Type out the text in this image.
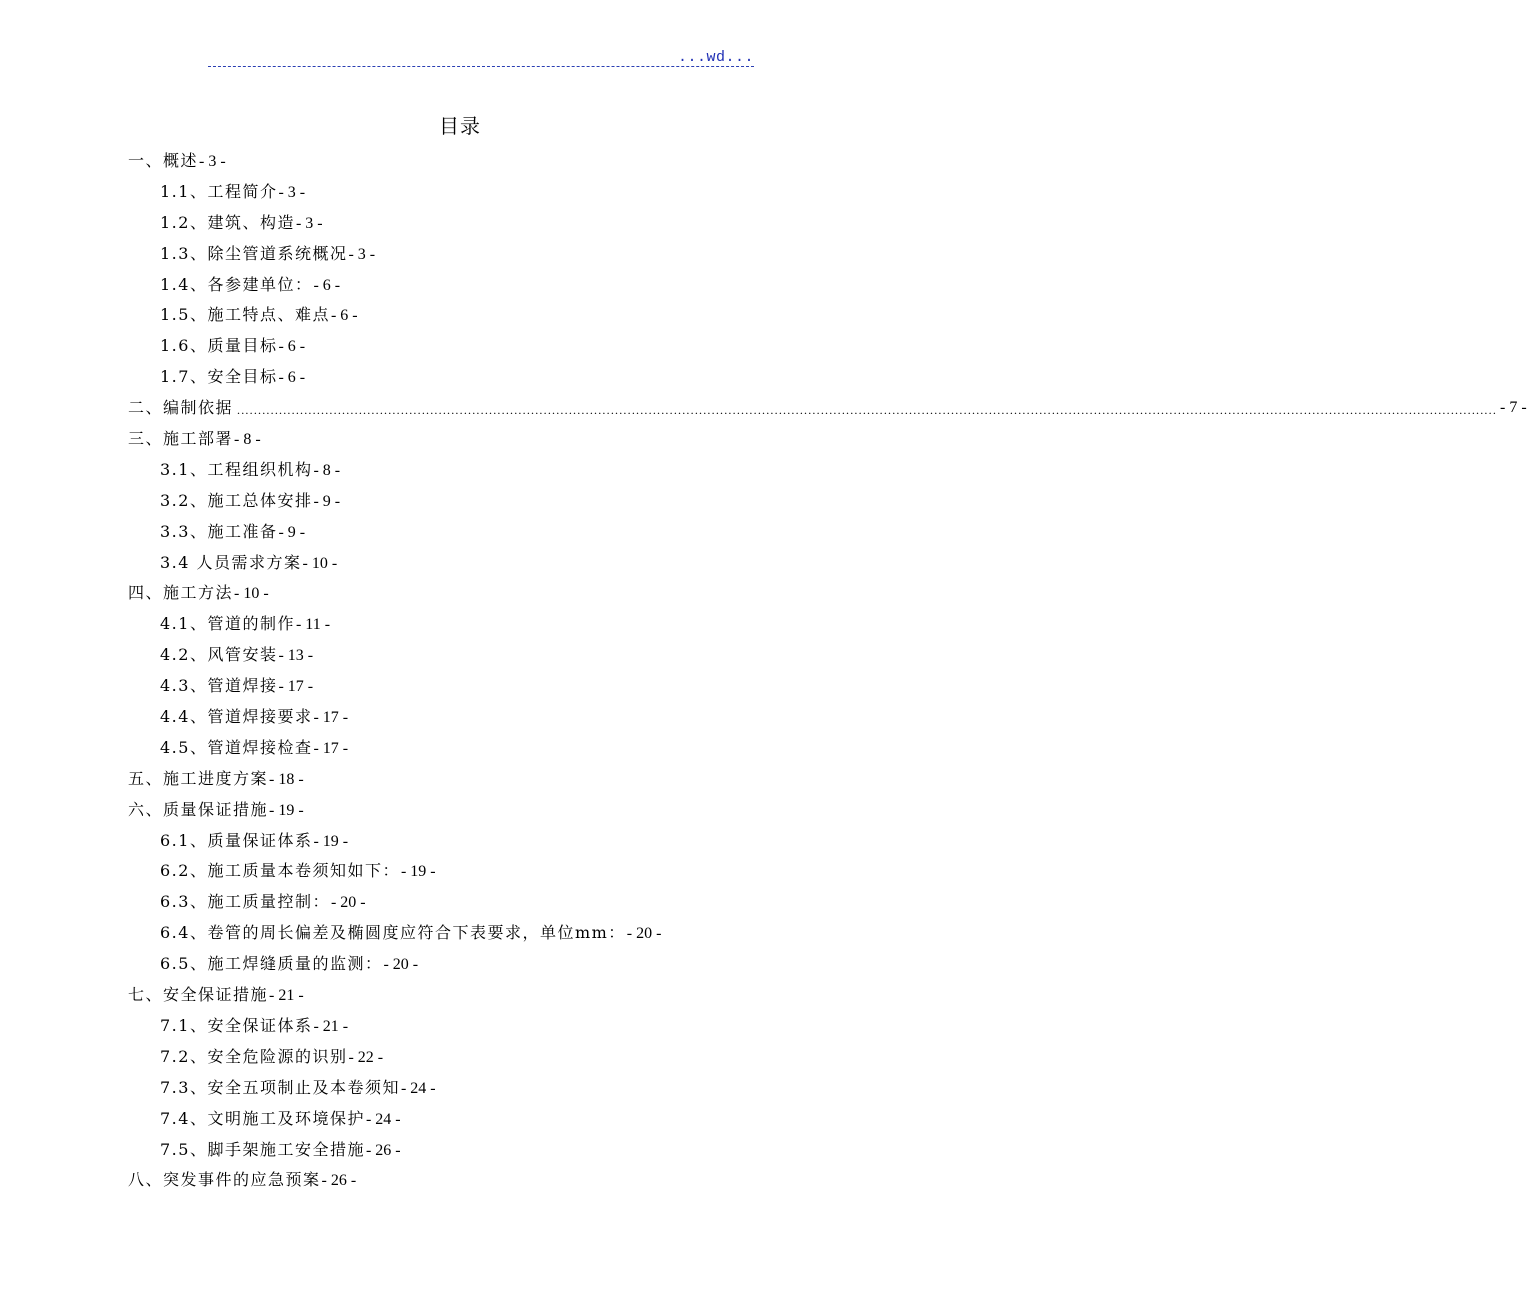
...wd...
目录
一、概述- 3 -
1.1、工程简介- 3 -
1.2、建筑、构造- 3 -
1.3、除尘管道系统概况- 3 -
1.4、各参建单位：- 6 -
1.5、施工特点、难点- 6 -
1.6、质量目标- 6 -
1.7、安全目标- 6 -
二、编制依据 ............................................................................................................................................................................................................................................................................................................ - 7 -
三、施工部署- 8 -
3.1、工程组织机构- 8 -
3.2、施工总体安排- 9 -
3.3、施工准备- 9 -
3.4 人员需求方案- 10 -
四、施工方法- 10 -
4.1、管道的制作- 11 -
4.2、风管安装- 13 -
4.3、管道焊接- 17 -
4.4、管道焊接要求- 17 -
4.5、管道焊接检查- 17 -
五、施工进度方案- 18 -
六、质量保证措施- 19 -
6.1、质量保证体系- 19 -
6.2、施工质量本卷须知如下：- 19 -
6.3、施工质量控制：- 20 -
6.4、卷管的周长偏差及椭圆度应符合下表要求，单位mm：- 20 -
6.5、施工焊缝质量的监测：- 20 -
七、安全保证措施- 21 -
7.1、安全保证体系- 21 -
7.2、安全危险源的识别- 22 -
7.3、安全五项制止及本卷须知- 24 -
7.4、文明施工及环境保护- 24 -
7.5、脚手架施工安全措施- 26 -
八、突发事件的应急预案- 26 -
